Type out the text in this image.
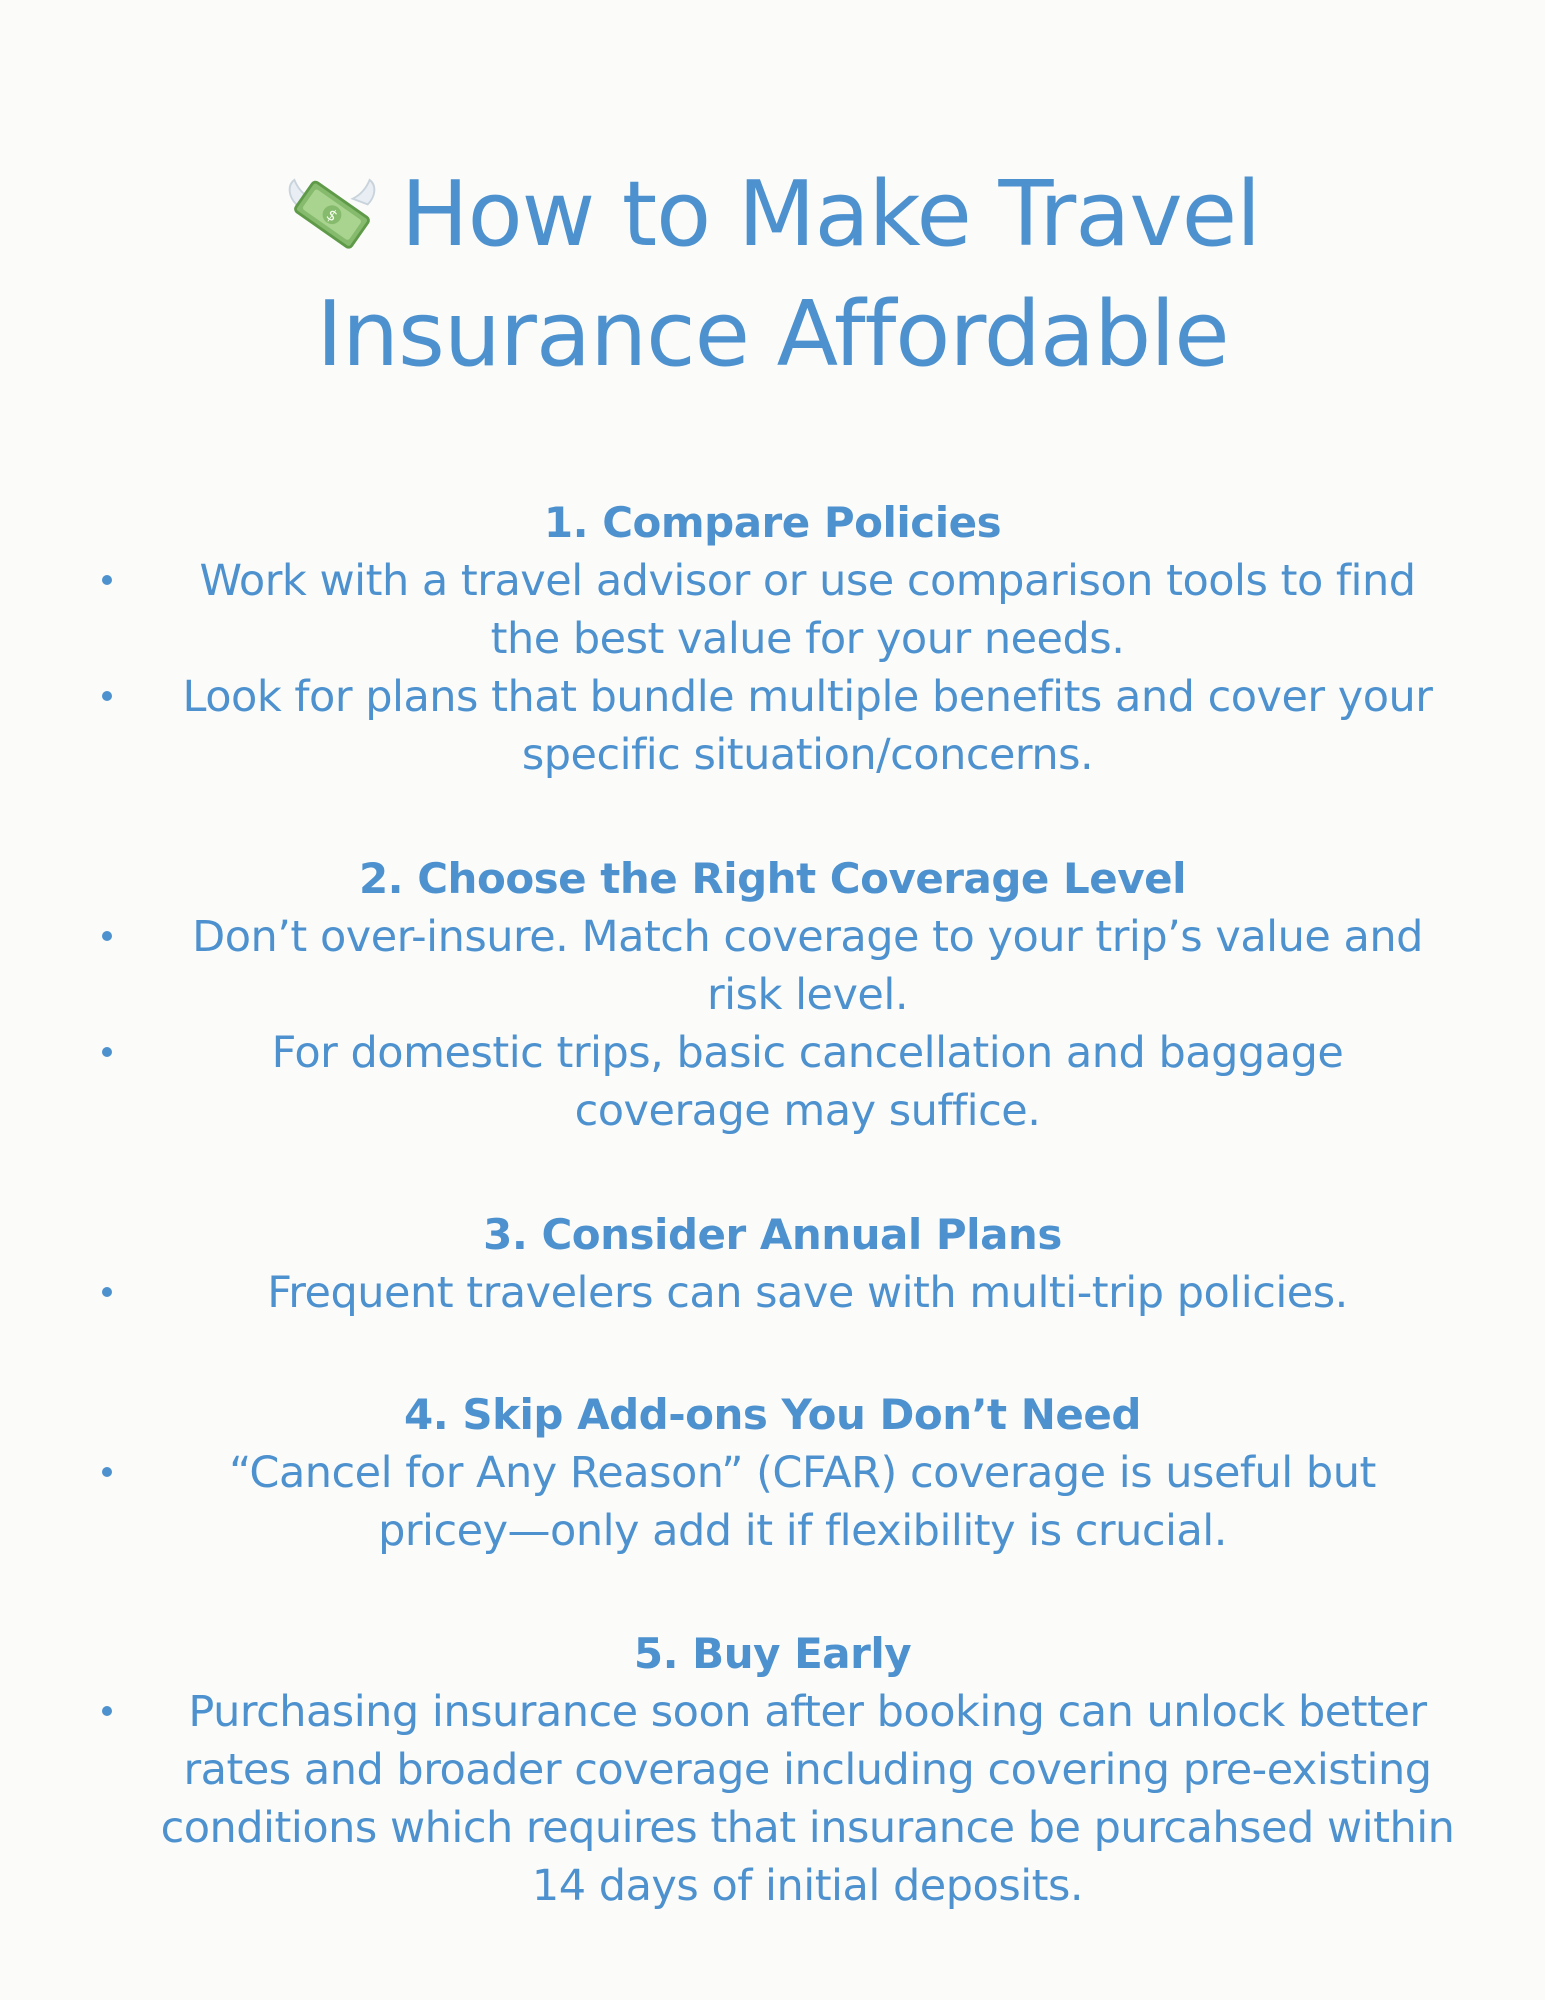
$ How to Make Travel
Insurance Affordable
1. Compare Policies
Work with a travel advisor or use comparison tools to find the best value for your needs.
Look for plans that bundle multiple benefits and cover your specific situation/concerns.
2. Choose the Right Coverage Level
Don’t over-insure. Match coverage to your trip’s value and risk level.
For domestic trips, basic cancellation and baggage coverage may suffice.
3. Consider Annual Plans
Frequent travelers can save with multi-trip policies.
4. Skip Add-ons You Don’t Need
“Cancel for Any Reason” (CFAR) coverage is useful but pricey—only add it if flexibility is crucial.
5. Buy Early
Purchasing insurance soon after booking can unlock better rates and broader coverage including covering pre-existing conditions which requires that insurance be purcahsed within 14 days of initial deposits.
